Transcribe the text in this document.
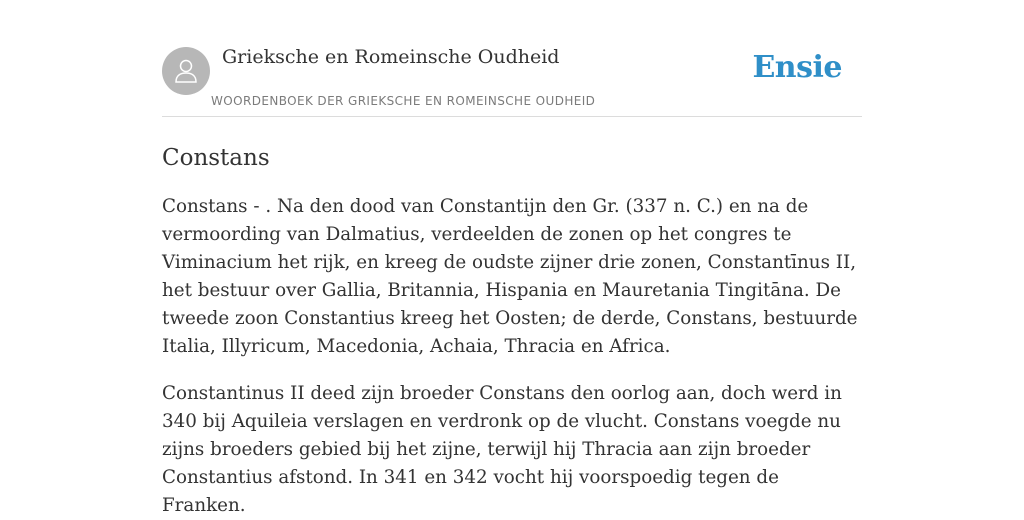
Grieksche en Romeinsche Oudheid
WOORDENBOEK DER GRIEKSCHE EN ROMEINSCHE OUDHEID
Ensie
Constans

Constans - . Na den dood van Constantijn den Gr. (337 n. C.) en na de vermoording van Dalmatius, verdeelden de zonen op het congres te Viminacium het rijk, en kreeg de oudste zijner drie zonen, Constantīnus II, het bestuur over Gallia, Britannia, Hispania en Mauretania Tingitāna. De tweede zoon Constantius kreeg het Oosten; de derde, Constans, bestuurde Italia, Illyricum, Macedonia, Achaia, Thracia en Africa.

Constantinus II deed zijn broeder Constans den oorlog aan, doch werd in 340 bij Aquileia verslagen en verdronk op de vlucht. Constans voegde nu zijns broeders gebied bij het zijne, terwijl hij Thracia aan zijn broeder Constantius afstond. In 341 en 342 vocht hij voorspoedig tegen de Franken.
